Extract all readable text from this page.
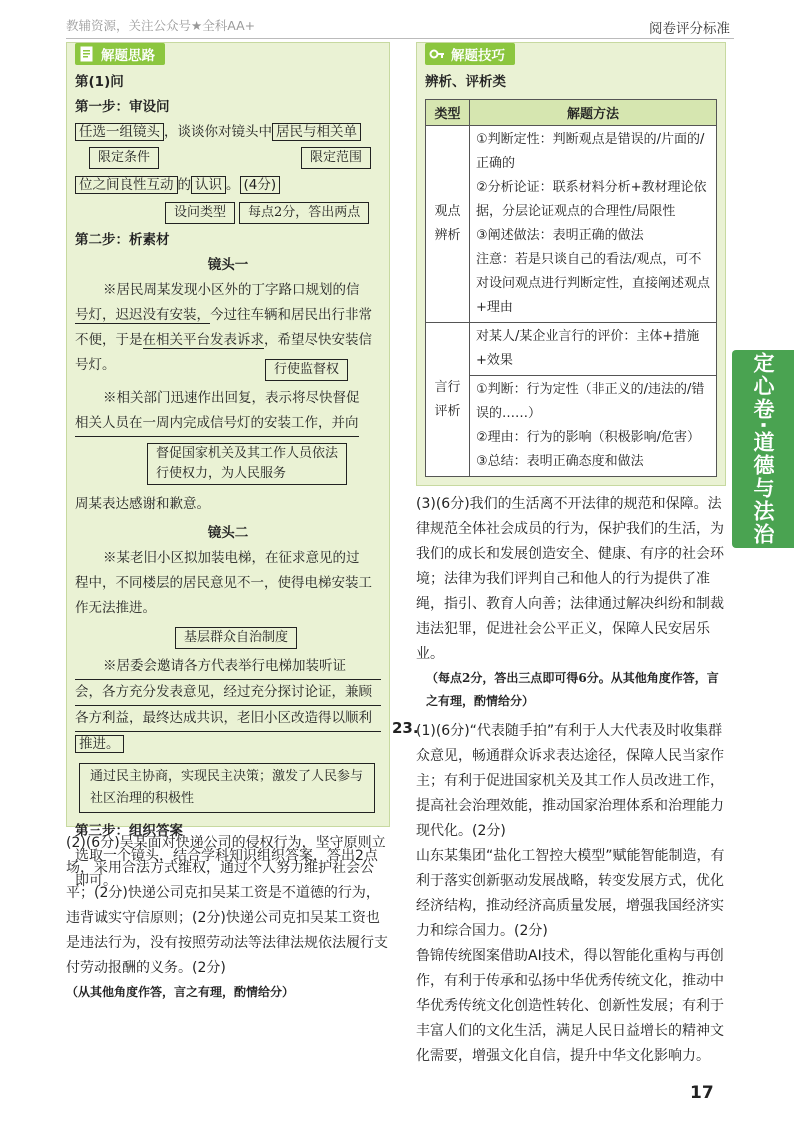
教辅资源，关注公众号★全科AA+	阅卷评分标准
解题思路
第(1)问
第一步：审设问
任选一组镜头 ，谈谈你对镜头中 居民与相关单
限定条件	限定范围
位之间良性互动 的 认识 。 (4分)
设问类型	每点2分，答出两点
第二步：析素材
镜头一
※居民周某发现小区外的丁字路口规划的信
号灯，迟迟没有安装，今过往车辆和居民出行非常
不便，于是在相关平台发表诉求，希望尽快安装信
号灯。	行使监督权
※相关部门迅速作出回复，表示将尽快督促
相关人员在一周内完成信号灯的安装工作，并向
督促国家机关及其工作人员依法行使权力，为人民服务
周某表达感谢和歉意。
镜头二
※某老旧小区拟加装电梯，在征求意见的过
程中，不同楼层的居民意见不一，使得电梯安装工
作无法推进。
基层群众自治制度
※居委会邀请各方代表举行电梯加装听证
会，各方充分发表意见，经过充分探讨论证，兼顾
各方利益，最终达成共识，老旧小区改造得以顺利
推进。
通过民主协商，实现民主决策；激发了人民参与社区治理的积极性
第三步：组织答案
选取一个镜头，结合学科知识组织答案，答出2点即可。
(2)(6分)吴某面对快递公司的侵权行为，坚守原则立场，采用合法方式维权，通过个人努力维护社会公平；(2分)快递公司克扣吴某工资是不道德的行为，违背诚实守信原则；(2分)快递公司克扣吴某工资也是违法行为，没有按照劳动法等法律法规依法履行支付劳动报酬的义务。(2分)
（从其他角度作答，言之有理，酌情给分）
解题技巧
辨析、评析类
类型	解题方法
观点辨析	①判断定性：判断观点是错误的/片面的/正确的
②分析论证：联系材料分析+教材理论依据，分层论证观点的合理性/局限性
③阐述做法：表明正确的做法
注意：若是只谈自己的看法/观点，可不对设问观点进行判断定性，直接阐述观点+理由

言行评析	对某人/某企业言行的评价：主体+措施+效果
①判断：行为定性（非正义的/违法的/错误的……）
②理由：行为的影响（积极影响/危害）
③总结：表明正确态度和做法
(3)(6分)我们的生活离不开法律的规范和保障。法律规范全体社会成员的行为，保护我们的生活，为我们的成长和发展创造安全、健康、有序的社会环境；法律为我们评判自己和他人的行为提供了准绳，指引、教育人向善；法律通过解决纠纷和制裁违法犯罪，促进社会公平正义，保障人民安居乐业。
（每点2分，答出三点即可得6分。从其他角度作答，言之有理，酌情给分）
23.
(1)(6分)“代表随手拍”有利于人大代表及时收集群众意见，畅通群众诉求表达途径，保障人民当家作主；有利于促进国家机关及其工作人员改进工作，提高社会治理效能，推动国家治理体系和治理能力现代化。(2分)
山东某集团“盐化工智控大模型”赋能智能制造，有利于落实创新驱动发展战略，转变发展方式，优化经济结构，推动经济高质量发展，增强我国经济实力和综合国力。(2分)
鲁锦传统图案借助AI技术，得以智能化重构与再创作，有利于传承和弘扬中华优秀传统文化，推动中华优秀传统文化创造性转化、创新性发展；有利于丰富人们的文化生活，满足人民日益增长的精神文化需要，增强文化自信，提升中华文化影响力。
定心卷·道德与法治
17
